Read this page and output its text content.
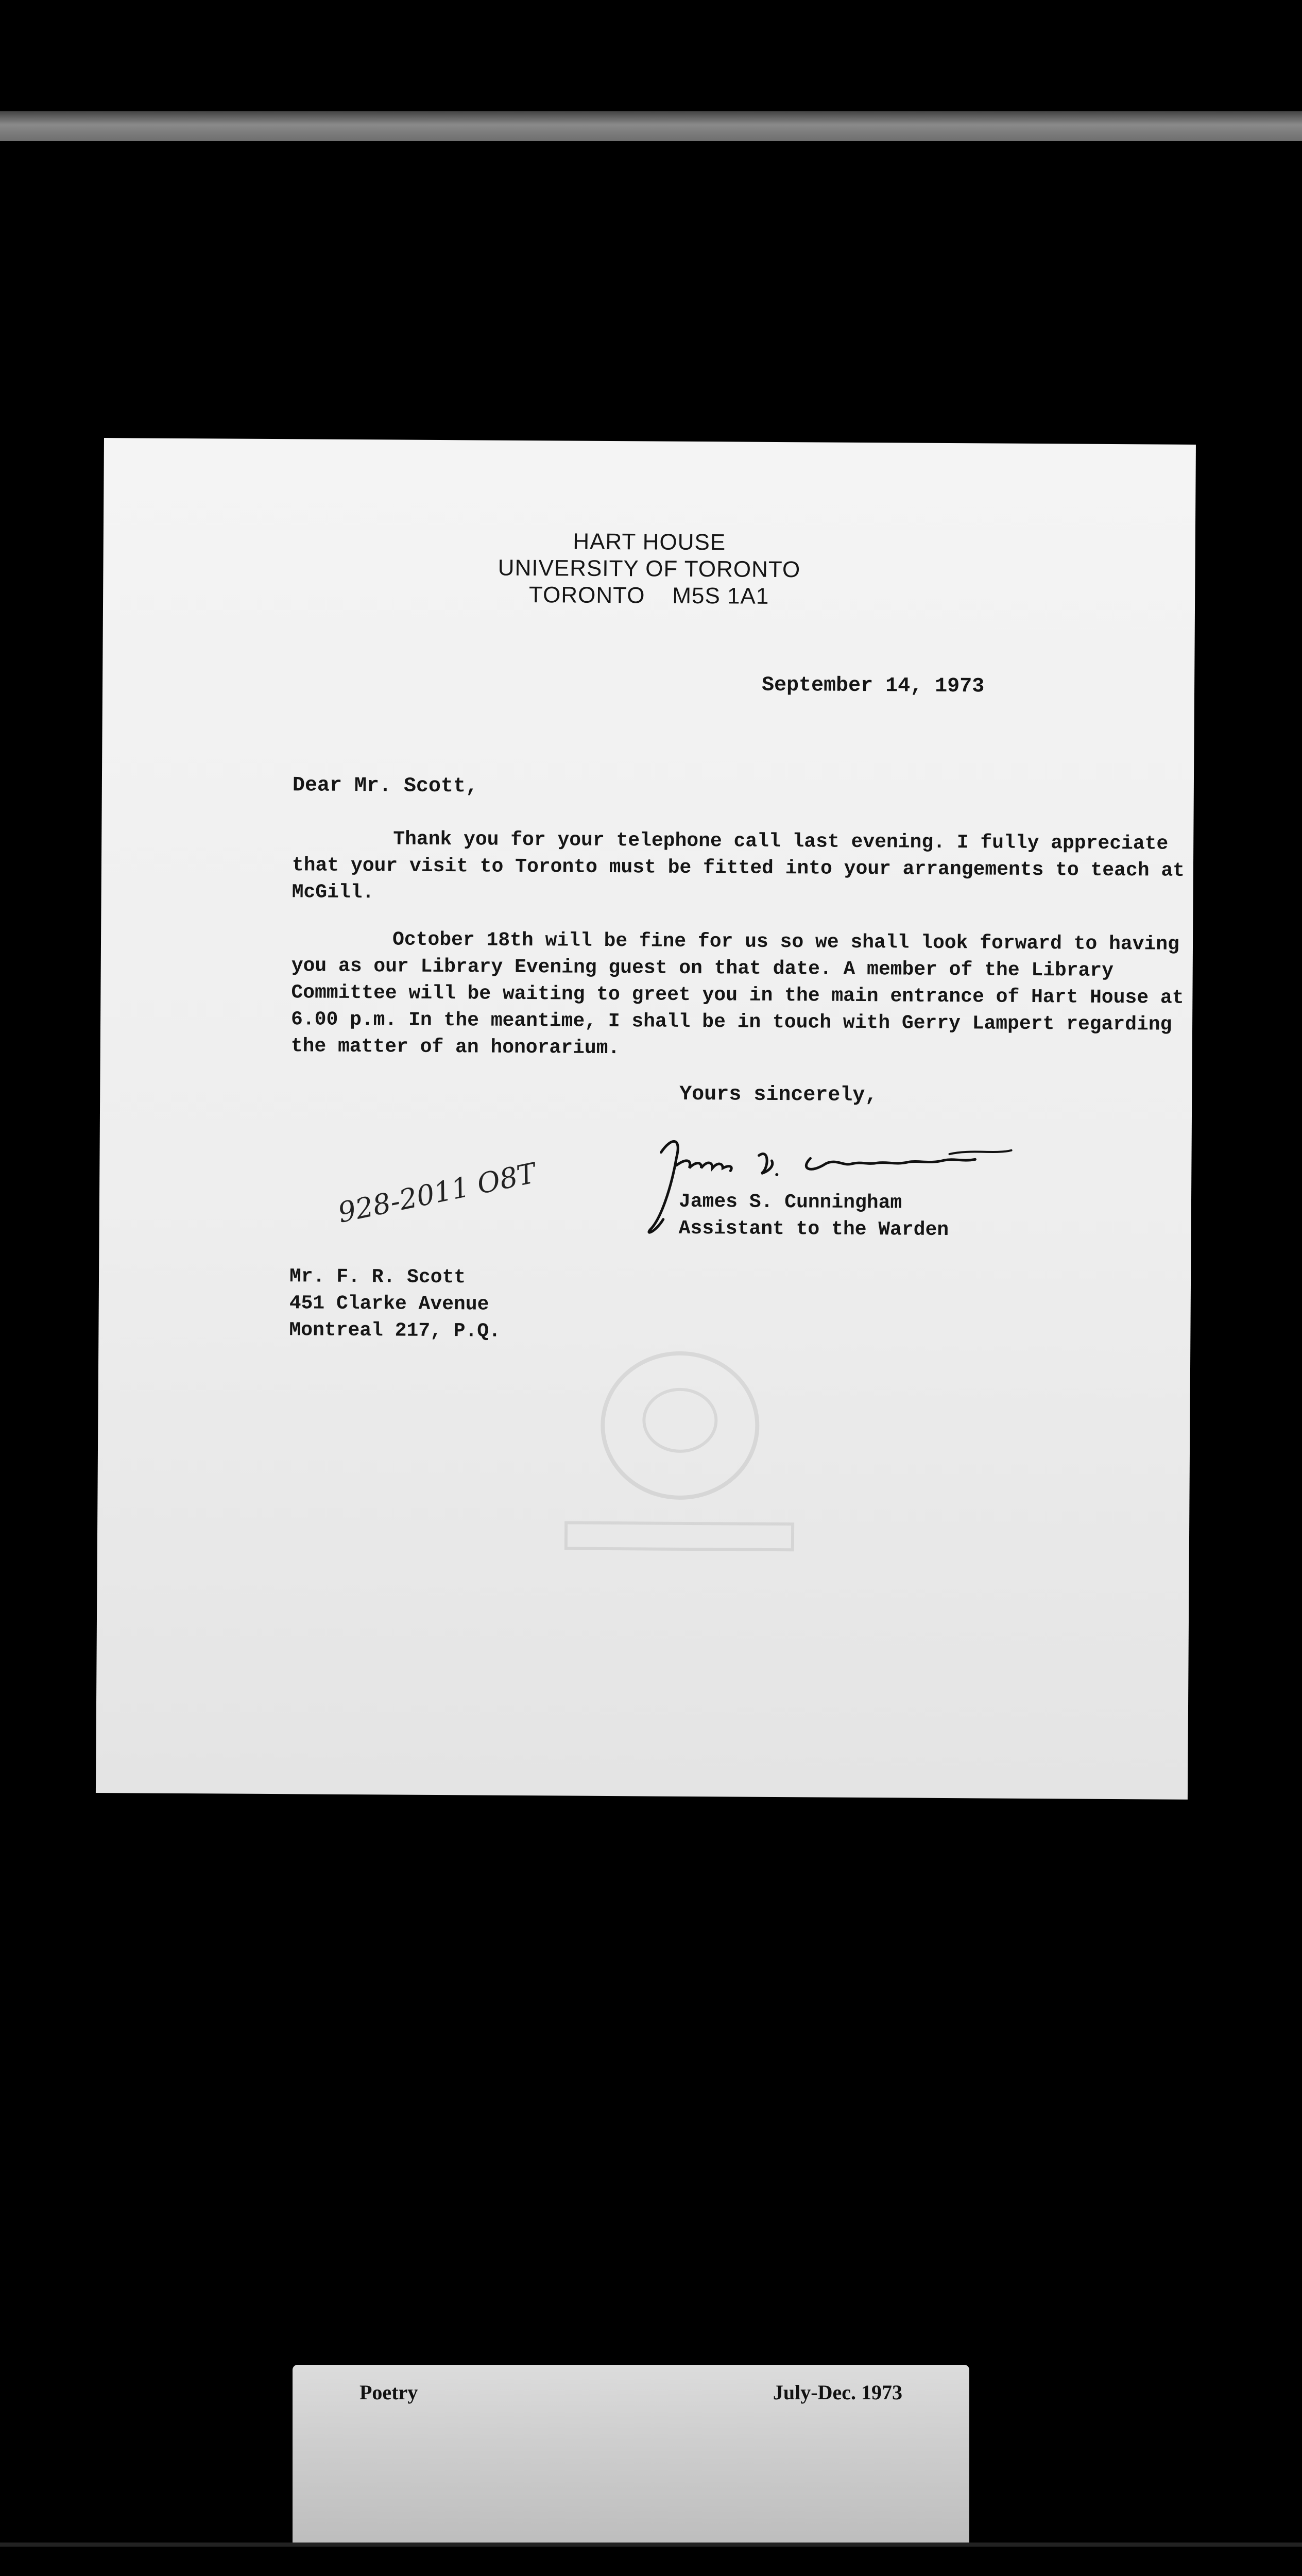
HART HOUSE
UNIVERSITY OF TORONTO
TORONTO    M5S 1A1
September 14, 1973
Dear Mr. Scott,
Thank you for your telephone call last evening. I fully appreciate that your visit to Toronto must be fitted into your arrangements to teach at McGill.
October 18th will be fine for us so we shall look forward to having you as our Library Evening guest on that date. A member of the Library Committee will be waiting to greet you in the main entrance of Hart House at 6.00 p.m. In the meantime, I shall be in touch with Gerry Lampert regarding the matter of an honorarium.
Yours sincerely,
928-2011 O8T	James S. Cunningham
Assistant to the Warden
Mr. F. R. Scott
451 Clarke Avenue
Montreal 217, P.Q.
Poetry	July-Dec. 1973
